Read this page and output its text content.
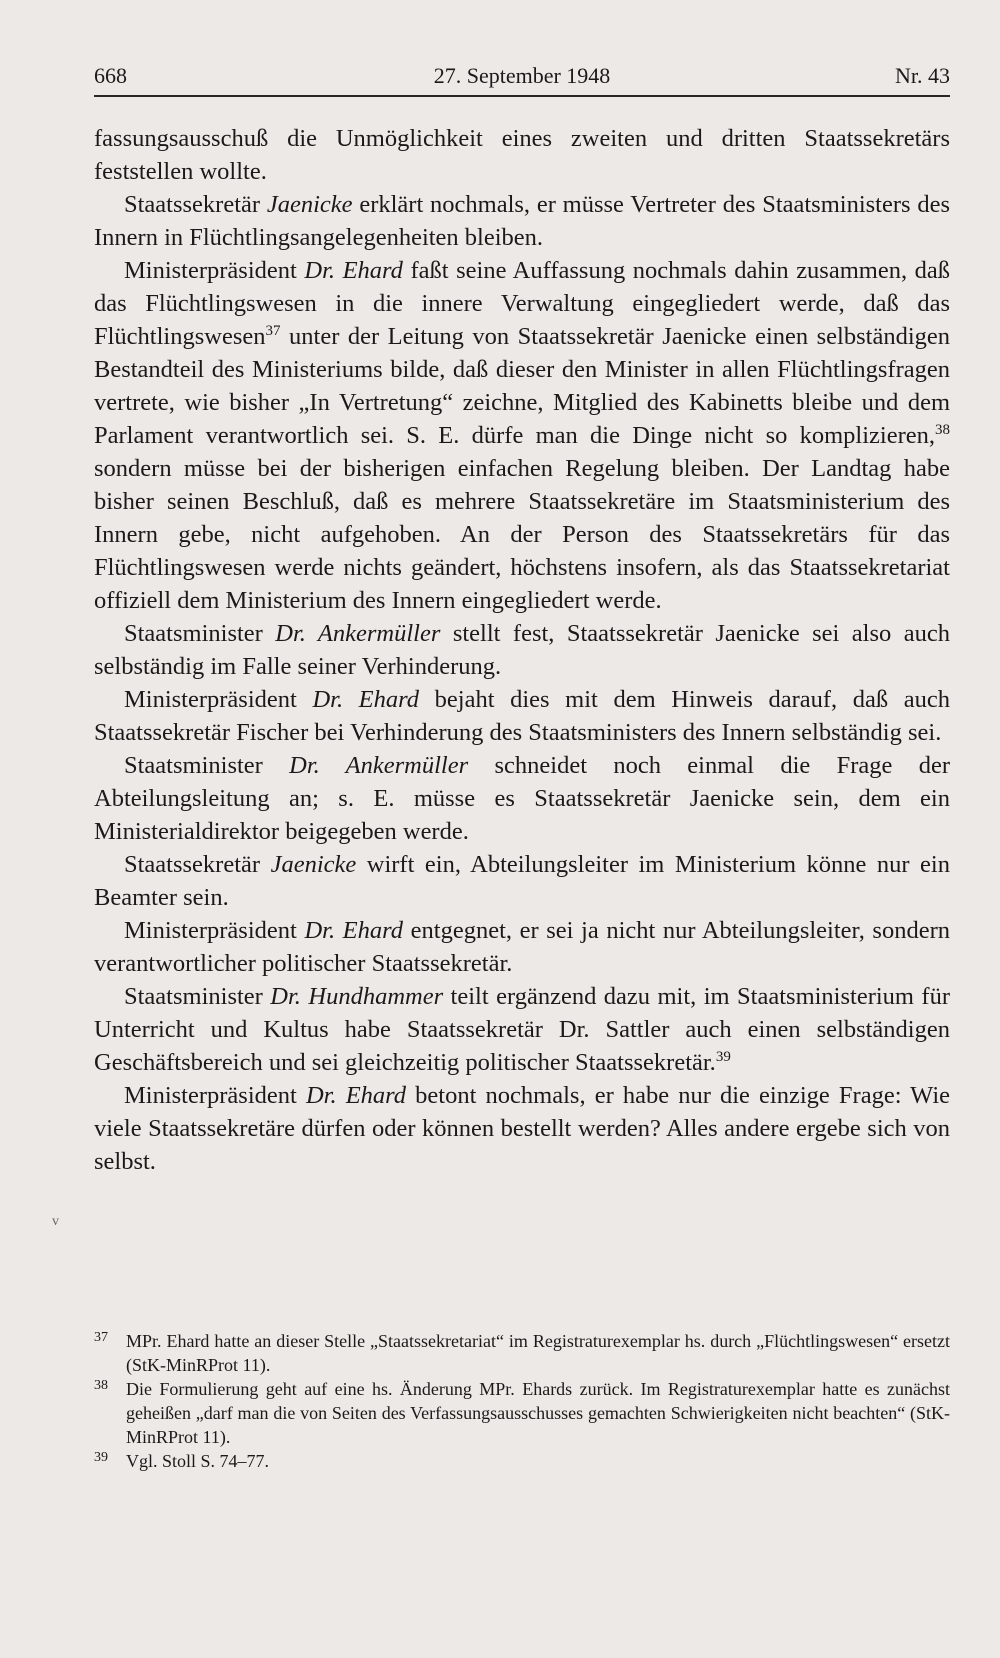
668	27. September 1948	Nr. 43
v

fassungsausschuß die Unmöglichkeit eines zweiten und dritten Staatssekretärs feststellen wollte.

Staatssekretär Jaenicke erklärt nochmals, er müsse Vertreter des Staatsministers des Innern in Flüchtlingsangelegenheiten bleiben.

Ministerpräsident Dr. Ehard faßt seine Auffassung nochmals dahin zusammen, daß das Flüchtlingswesen in die innere Verwaltung eingegliedert werde, daß das Flüchtlingswesen$^{37}$ unter der Leitung von Staatssekretär Jaenicke einen selbständigen Bestandteil des Ministeriums bilde, daß dieser den Minister in allen Flüchtlingsfragen vertrete, wie bisher „In Vertretung“ zeichne, Mitglied des Kabinetts bleibe und dem Parlament verantwortlich sei. S. E. dürfe man die Dinge nicht so komplizieren,$^{38}$ sondern müsse bei der bisherigen einfachen Regelung bleiben. Der Landtag habe bisher seinen Beschluß, daß es mehrere Staatssekretäre im Staatsministerium des Innern gebe, nicht aufgehoben. An der Person des Staatssekretärs für das Flüchtlingswesen werde nichts geändert, höchstens insofern, als das Staatssekretariat offiziell dem Ministerium des Innern eingegliedert werde.

Staatsminister Dr. Ankermüller stellt fest, Staatssekretär Jaenicke sei also auch selbständig im Falle seiner Verhinderung.

Ministerpräsident Dr. Ehard bejaht dies mit dem Hinweis darauf, daß auch Staatssekretär Fischer bei Verhinderung des Staatsministers des Innern selbständig sei.

Staatsminister Dr. Ankermüller schneidet noch einmal die Frage der Abteilungsleitung an; s. E. müsse es Staatssekretär Jaenicke sein, dem ein Ministerialdirektor beigegeben werde.

Staatssekretär Jaenicke wirft ein, Abteilungsleiter im Ministerium könne nur ein Beamter sein.

Ministerpräsident Dr. Ehard entgegnet, er sei ja nicht nur Abteilungsleiter, sondern verantwortlicher politischer Staatssekretär.

Staatsminister Dr. Hundhammer teilt ergänzend dazu mit, im Staatsministerium für Unterricht und Kultus habe Staatssekretär Dr. Sattler auch einen selbständigen Geschäftsbereich und sei gleichzeitig politischer Staatssekretär.$^{39}$

Ministerpräsident Dr. Ehard betont nochmals, er habe nur die einzige Frage: Wie viele Staatssekretäre dürfen oder können bestellt werden? Alles andere ergebe sich von selbst.

37 MPr. Ehard hatte an dieser Stelle „Staatssekretariat“ im Registraturexemplar hs. durch „Flüchtlingswesen“ ersetzt (StK-MinRProt 11).

38 Die Formulierung geht auf eine hs. Änderung MPr. Ehards zurück. Im Registraturexemplar hatte es zunächst geheißen „darf man die von Seiten des Verfassungsausschusses gemachten Schwierigkeiten nicht beachten“ (StK-MinRProt 11).

39 Vgl. Stoll S. 74–77.
